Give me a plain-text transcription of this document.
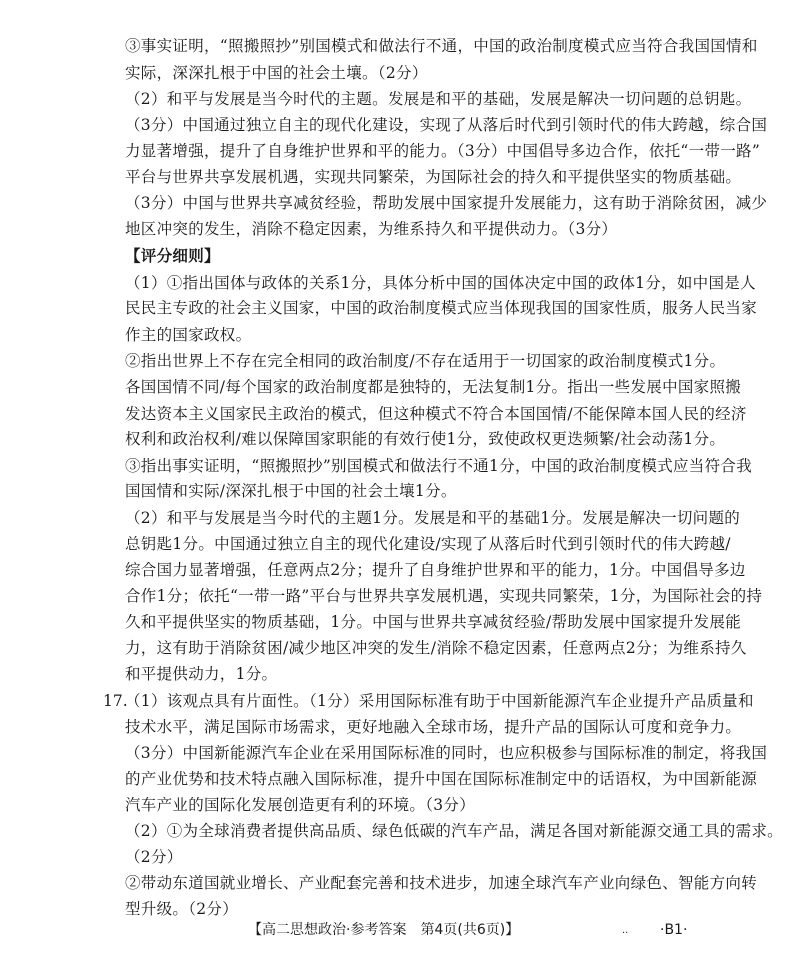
③事实证明，“照搬照抄”别国模式和做法行不通，中国的政治制度模式应当符合我国国情和
实际，深深扎根于中国的社会土壤。（2分）
（2）和平与发展是当今时代的主题。发展是和平的基础，发展是解决一切问题的总钥匙。
（3分）中国通过独立自主的现代化建设，实现了从落后时代到引领时代的伟大跨越，综合国
力显著增强，提升了自身维护世界和平的能力。（3分）中国倡导多边合作，依托“一带一路”
平台与世界共享发展机遇，实现共同繁荣，为国际社会的持久和平提供坚实的物质基础。
（3分）中国与世界共享减贫经验，帮助发展中国家提升发展能力，这有助于消除贫困，减少
地区冲突的发生，消除不稳定因素，为维系持久和平提供动力。（3分）
【评分细则】
（1）①指出国体与政体的关系1分，具体分析中国的国体决定中国的政体1分，如中国是人
民民主专政的社会主义国家，中国的政治制度模式应当体现我国的国家性质，服务人民当家
作主的国家政权。
②指出世界上不存在完全相同的政治制度/不存在适用于一切国家的政治制度模式1分。
各国国情不同/每个国家的政治制度都是独特的，无法复制1分。指出一些发展中国家照搬
发达资本主义国家民主政治的模式，但这种模式不符合本国国情/不能保障本国人民的经济
权利和政治权利/难以保障国家职能的有效行使1分，致使政权更迭频繁/社会动荡1分。
③指出事实证明，“照搬照抄”别国模式和做法行不通1分，中国的政治制度模式应当符合我
国国情和实际/深深扎根于中国的社会土壤1分。
（2）和平与发展是当今时代的主题1分。发展是和平的基础1分。发展是解决一切问题的
总钥匙1分。中国通过独立自主的现代化建设/实现了从落后时代到引领时代的伟大跨越/
综合国力显著增强，任意两点2分；提升了自身维护世界和平的能力，1分。中国倡导多边
合作1分；依托“一带一路”平台与世界共享发展机遇，实现共同繁荣，1分，为国际社会的持
久和平提供坚实的物质基础，1分。中国与世界共享减贫经验/帮助发展中国家提升发展能
力，这有助于消除贫困/减少地区冲突的发生/消除不稳定因素，任意两点2分；为维系持久
和平提供动力，1分。
（1）该观点具有片面性。（1分）采用国际标准有助于中国新能源汽车企业提升产品质量和
技术水平，满足国际市场需求，更好地融入全球市场，提升产品的国际认可度和竞争力。
（3分）中国新能源汽车企业在采用国际标准的同时，也应积极参与国际标准的制定，将我国
的产业优势和技术特点融入国际标准，提升中国在国际标准制定中的话语权，为中国新能源
汽车产业的国际化发展创造更有利的环境。（3分）
（2）①为全球消费者提供高品质、绿色低碳的汽车产品，满足各国对新能源交通工具的需求。
（2分）
②带动东道国就业增长、产业配套完善和技术进步，加速全球汽车产业向绿色、智能方向转
型升级。（2分）
17.
【高二思想政治·参考答案　第4页(共6页)】	·· ·B1·
